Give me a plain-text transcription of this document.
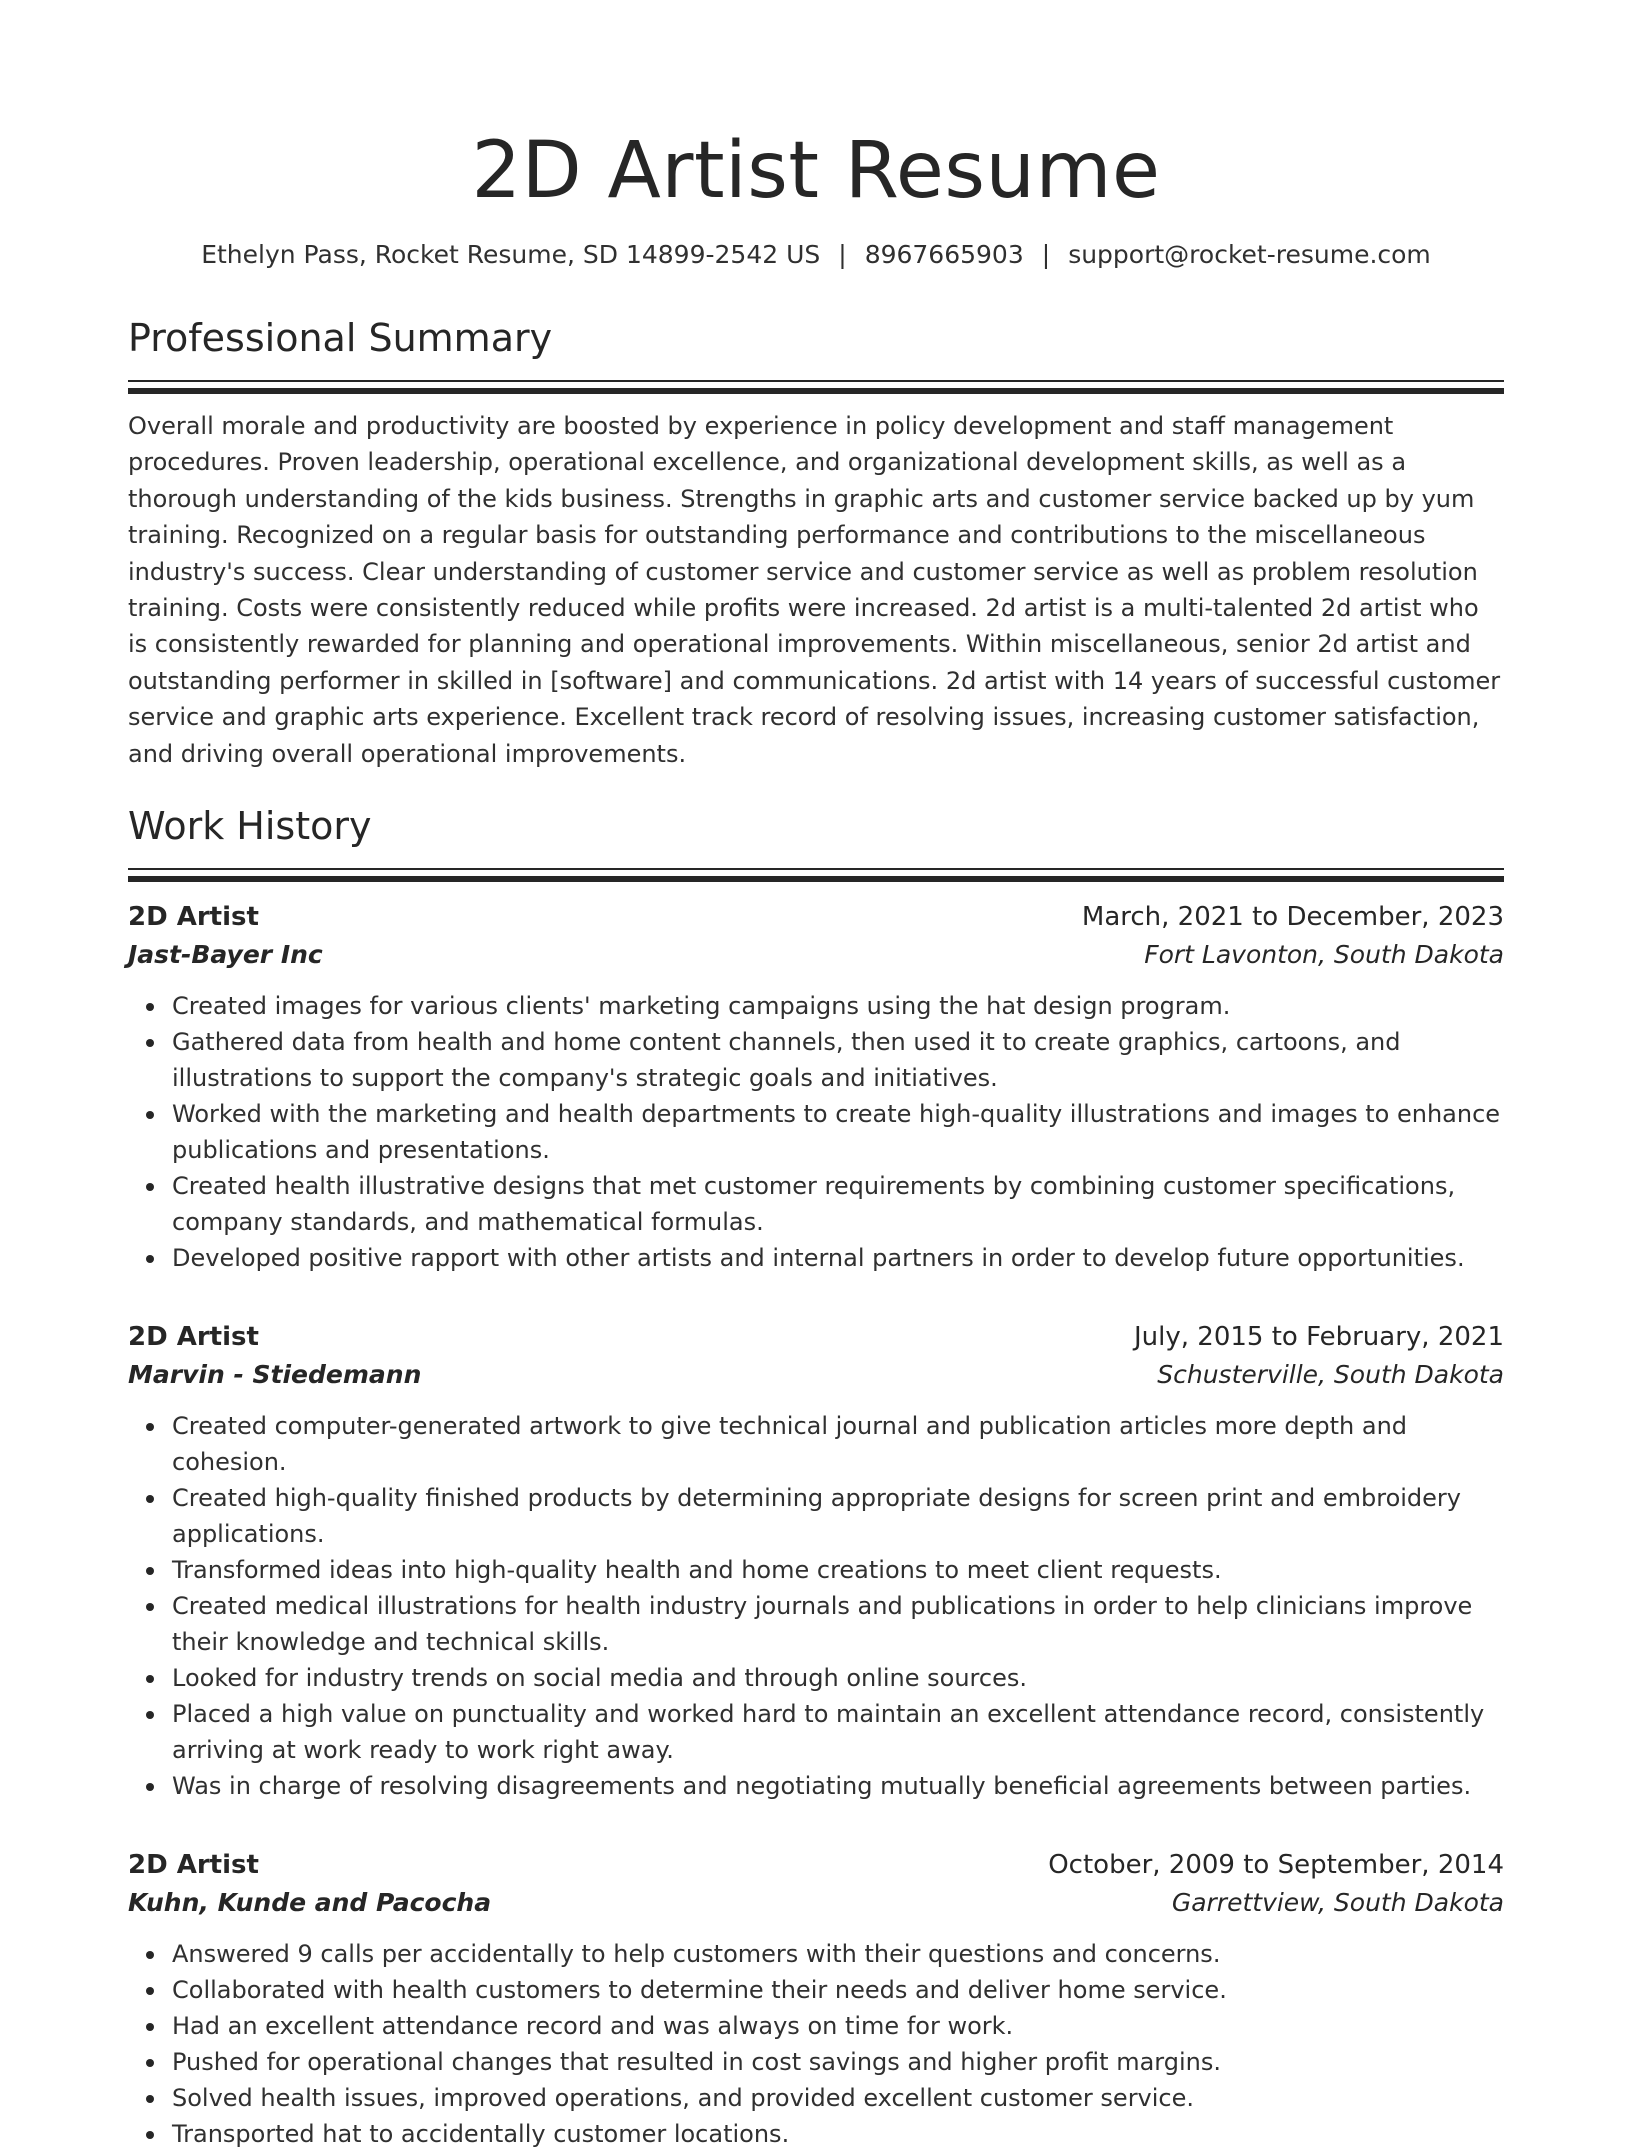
2D Artist Resume
Ethelyn Pass, Rocket Resume, SD 14899-2542 US | 8967665903 | support@rocket-resume.com
Professional Summary

Overall morale and productivity are boosted by experience in policy development and staff management procedures. Proven leadership, operational excellence, and organizational development skills, as well as a thorough understanding of the kids business. Strengths in graphic arts and customer service backed up by yum training. Recognized on a regular basis for outstanding performance and contributions to the miscellaneous industry's success. Clear understanding of customer service and customer service as well as problem resolution training. Costs were consistently reduced while profits were increased. 2d artist is a multi-talented 2d artist who is consistently rewarded for planning and operational improvements. Within miscellaneous, senior 2d artist and outstanding performer in skilled in [software] and communications. 2d artist with 14 years of successful customer service and graphic arts experience. Excellent track record of resolving issues, increasing customer satisfaction, and driving overall operational improvements.

Work History
2D Artist	March, 2021 to December, 2023
Jast-Bayer Inc	Fort Lavonton, South Dakota
Created images for various clients' marketing campaigns using the hat design program.
Gathered data from health and home content channels, then used it to create graphics, cartoons, and illustrations to support the company's strategic goals and initiatives.
Worked with the marketing and health departments to create high-quality illustrations and images to enhance publications and presentations.
Created health illustrative designs that met customer requirements by combining customer specifications, company standards, and mathematical formulas.
Developed positive rapport with other artists and internal partners in order to develop future opportunities.
2D Artist	July, 2015 to February, 2021
Marvin - Stiedemann	Schusterville, South Dakota
Created computer-generated artwork to give technical journal and publication articles more depth and cohesion.
Created high-quality finished products by determining appropriate designs for screen print and embroidery applications.
Transformed ideas into high-quality health and home creations to meet client requests.
Created medical illustrations for health industry journals and publications in order to help clinicians improve their knowledge and technical skills.
Looked for industry trends on social media and through online sources.
Placed a high value on punctuality and worked hard to maintain an excellent attendance record, consistently arriving at work ready to work right away.
Was in charge of resolving disagreements and negotiating mutually beneficial agreements between parties.
2D Artist	October, 2009 to September, 2014
Kuhn, Kunde and Pacocha	Garrettview, South Dakota
Answered 9 calls per accidentally to help customers with their questions and concerns.
Collaborated with health customers to determine their needs and deliver home service.
Had an excellent attendance record and was always on time for work.
Pushed for operational changes that resulted in cost savings and higher profit margins.
Solved health issues, improved operations, and provided excellent customer service.
Transported hat to accidentally customer locations.
